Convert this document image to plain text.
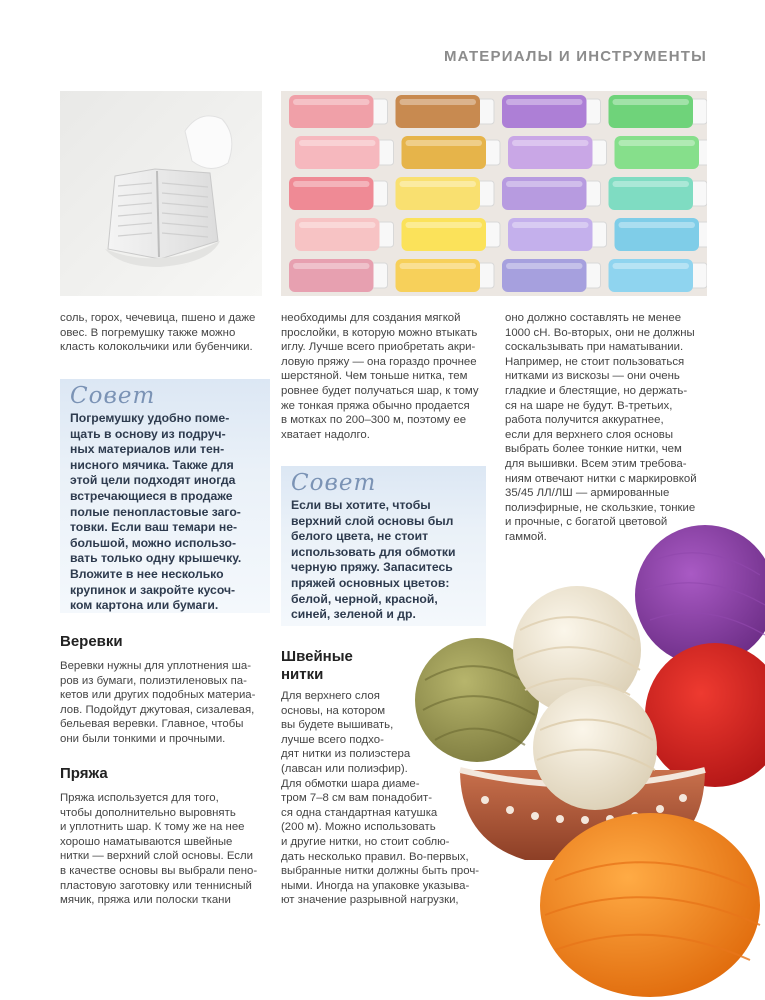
МАТЕРИАЛЫ И ИНСТРУМЕНТЫ
соль, горох, чечевица, пшено и даже
овес. В погремушку также можно
класть колокольчики или бубенчики.
Совет
Погремушку удобно поме-
щать в основу из подруч-
ных материалов или тен-
нисного мячика. Также для
этой цели подходят иногда
встречающиеся в продаже
полые пенопластовые заго-
товки. Если ваш темари не-
большой, можно использо-
вать только одну крышечку.
Вложите в нее несколько
крупинок и закройте кусоч-
ком картона или бумаги.
Веревки
Веревки нужны для уплотнения ша-
ров из бумаги, полиэтиленовых па-
кетов или других подобных материа-
лов. Подойдут джутовая, сизалевая,
бельевая веревки. Главное, чтобы
они были тонкими и прочными.
Пряжа
Пряжа используется для того,
чтобы дополнительно выровнять
и уплотнить шар. К тому же на нее
хорошо наматываются швейные
нитки — верхний слой основы. Если
в качестве основы вы выбрали пено-
пластовую заготовку или теннисный
мячик, пряжа или полоски ткани
необходимы для создания мягкой
прослойки, в которую можно втыкать
иглу. Лучше всего приобретать акри-
ловую пряжу — она гораздо прочнее
шерстяной. Чем тоньше нитка, тем
ровнее будет получаться шар, к тому
же тонкая пряжа обычно продается
в мотках по 200–300 м, поэтому ее
хватает надолго.
Совет
Если вы хотите, чтобы
верхний слой основы был
белого цвета, не стоит
использовать для обмотки
черную пряжу. Запаситесь
пряжей основных цветов:
белой, черной, красной,
синей, зеленой и др.
Швейные
нитки
Для верхнего слоя
основы, на котором
вы будете вышивать,
лучше всего подхо-
дят нитки из полиэстера
(лавсан или полиэфир).
Для обмотки шара диаме-
тром 7–8 см вам понадобит-
ся одна стандартная катушка
(200 м). Можно использовать
и другие нитки, но стоит соблю-
дать несколько правил. Во-первых,
выбранные нитки должны быть проч-
ными. Иногда на упаковке указыва-
ют значение разрывной нагрузки,
оно должно составлять не менее
1000 сН. Во-вторых, они не должны
соскальзывать при наматывании.
Например, не стоит пользоваться
нитками из вискозы — они очень
гладкие и блестящие, но держать-
ся на шаре не будут. В-третьих,
работа получится аккуратнее,
если для верхнего слоя основы
выбрать более тонкие нитки, чем
для вышивки. Всем этим требова-
ниям отвечают нитки с маркировкой
35/45 ЛЛ/ЛШ — армированные
полиэфирные, не скользкие, тонкие
и прочные, с богатой цветовой
гаммой.
